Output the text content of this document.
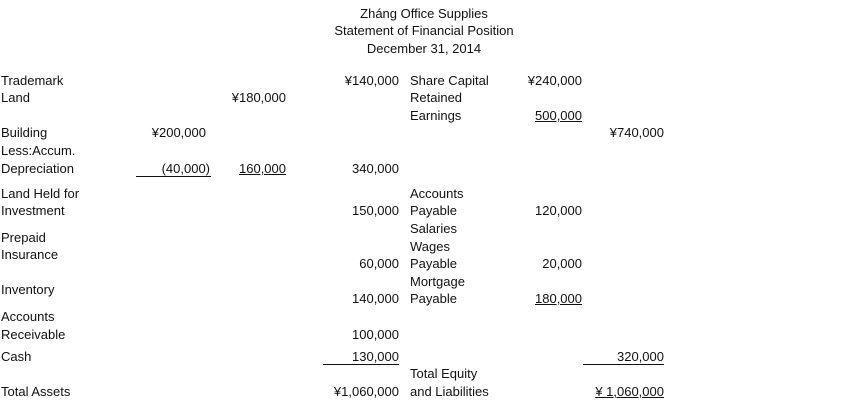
Zháng Office Supplies
Statement of Financial Position
December 31, 2014
Trademark
Land
Building
Less:Accum.
Depreciation
Land Held for
Investment
Prepaid
Insurance
Inventory
Accounts
Receivable
Cash
Total Assets
¥200,000
(40,000)
¥180,000
160,000
¥140,000
340,000
150,000
60,000
140,000
100,000
130,000
¥1,060,000
Share Capital
Retained
Earnings
Accounts
Payable
Salaries
Wages
Payable
Mortgage
Payable
Total Equity
and Liabilities
¥240,000
500,000
120,000
20,000
180,000
¥740,000
320,000
¥ 1,060,000
